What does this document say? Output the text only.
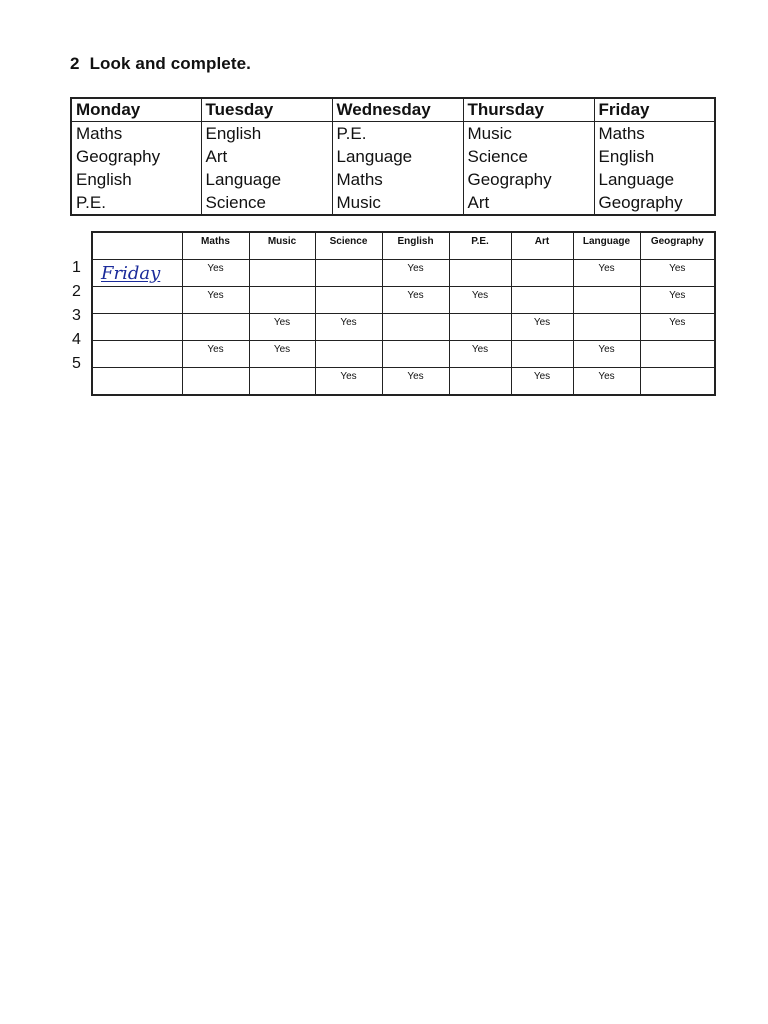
2 Look and complete.
Monday	Tuesday	Wednesday	Thursday	Friday
Maths	English	P.E.	Music	Maths
Geography	Art	Language	Science	English
English	Language	Maths	Geography	Language
P.E.	Science	Music	Art	Geography
1
2
3
4
5
	Maths	Music	Science	English	P.E.	Art	Language	Geography
Friday	Yes			Yes			Yes	Yes
	Yes			Yes	Yes			Yes
		Yes	Yes			Yes		Yes
	Yes	Yes			Yes		Yes	
			Yes	Yes		Yes	Yes	
